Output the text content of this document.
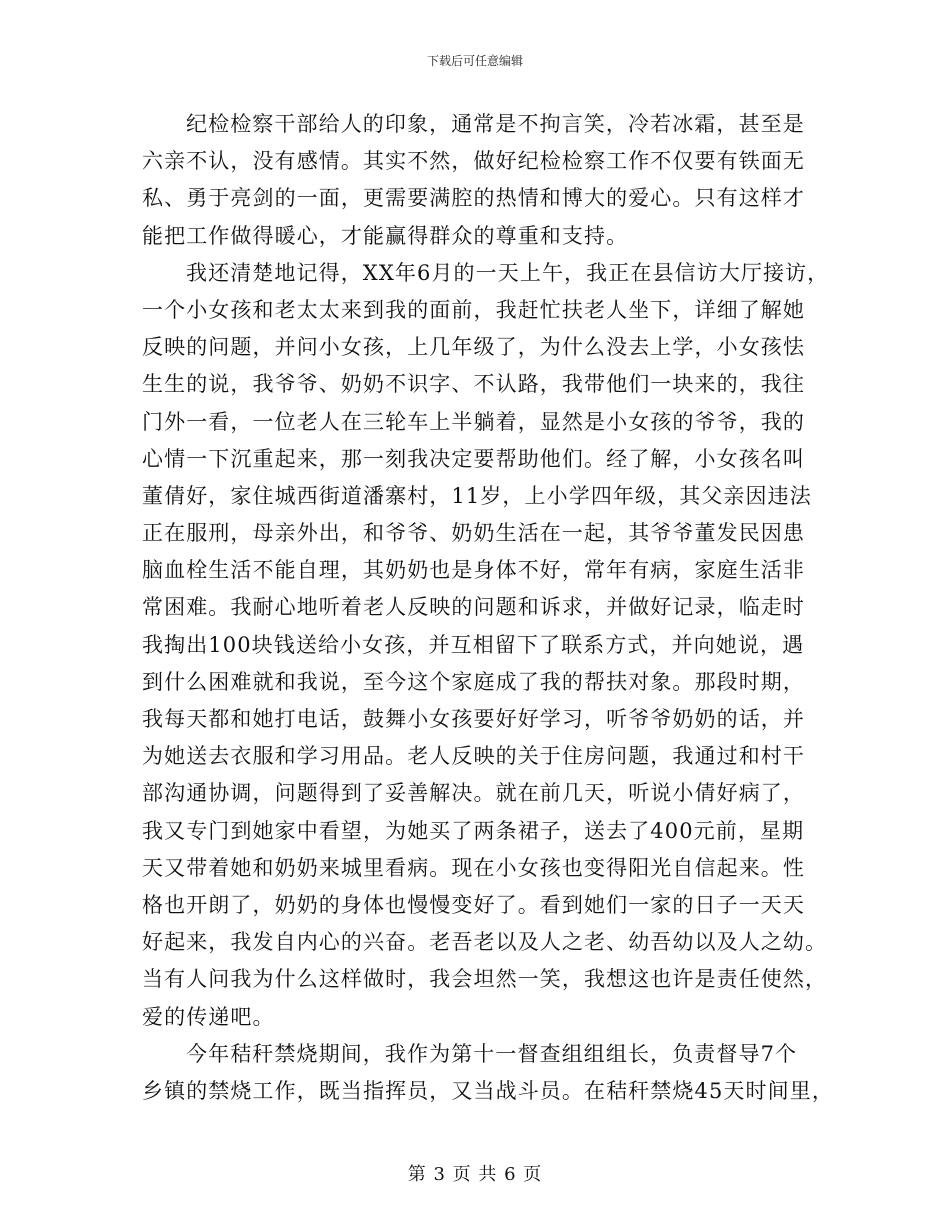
下载后可任意编辑
纪检检察干部给人的印象，通常是不拘言笑，冷若冰霜，甚至是
六亲不认，没有感情。其实不然，做好纪检检察工作不仅要有铁面无
私、勇于亮剑的一面，更需要满腔的热情和博大的爱心。只有这样才
能把工作做得暖心，才能赢得群众的尊重和支持。
我还清楚地记得，XX年6月的一天上午，我正在县信访大厅接访，
一个小女孩和老太太来到我的面前，我赶忙扶老人坐下，详细了解她
反映的问题，并问小女孩，上几年级了，为什么没去上学，小女孩怯
生生的说，我爷爷、奶奶不识字、不认路，我带他们一块来的，我往
门外一看，一位老人在三轮车上半躺着，显然是小女孩的爷爷，我的
心情一下沉重起来，那一刻我决定要帮助他们。经了解，小女孩名叫
董倩好，家住城西街道潘寨村，11岁，上小学四年级，其父亲因违法
正在服刑，母亲外出，和爷爷、奶奶生活在一起，其爷爷董发民因患
脑血栓生活不能自理，其奶奶也是身体不好，常年有病，家庭生活非
常困难。我耐心地听着老人反映的问题和诉求，并做好记录，临走时
我掏出100块钱送给小女孩，并互相留下了联系方式，并向她说，遇
到什么困难就和我说，至今这个家庭成了我的帮扶对象。那段时期，
我每天都和她打电话，鼓舞小女孩要好好学习，听爷爷奶奶的话，并
为她送去衣服和学习用品。老人反映的关于住房问题，我通过和村干
部沟通协调，问题得到了妥善解决。就在前几天，听说小倩好病了，
我又专门到她家中看望，为她买了两条裙子，送去了400元前，星期
天又带着她和奶奶来城里看病。现在小女孩也变得阳光自信起来。性
格也开朗了，奶奶的身体也慢慢变好了。看到她们一家的日子一天天
好起来，我发自内心的兴奋。老吾老以及人之老、幼吾幼以及人之幼。
当有人问我为什么这样做时，我会坦然一笑，我想这也许是责任使然，
爱的传递吧。
今年秸秆禁烧期间，我作为第十一督查组组组长，负责督导7个
乡镇的禁烧工作，既当指挥员，又当战斗员。在秸秆禁烧45天时间里，
第 3 页 共 6 页
